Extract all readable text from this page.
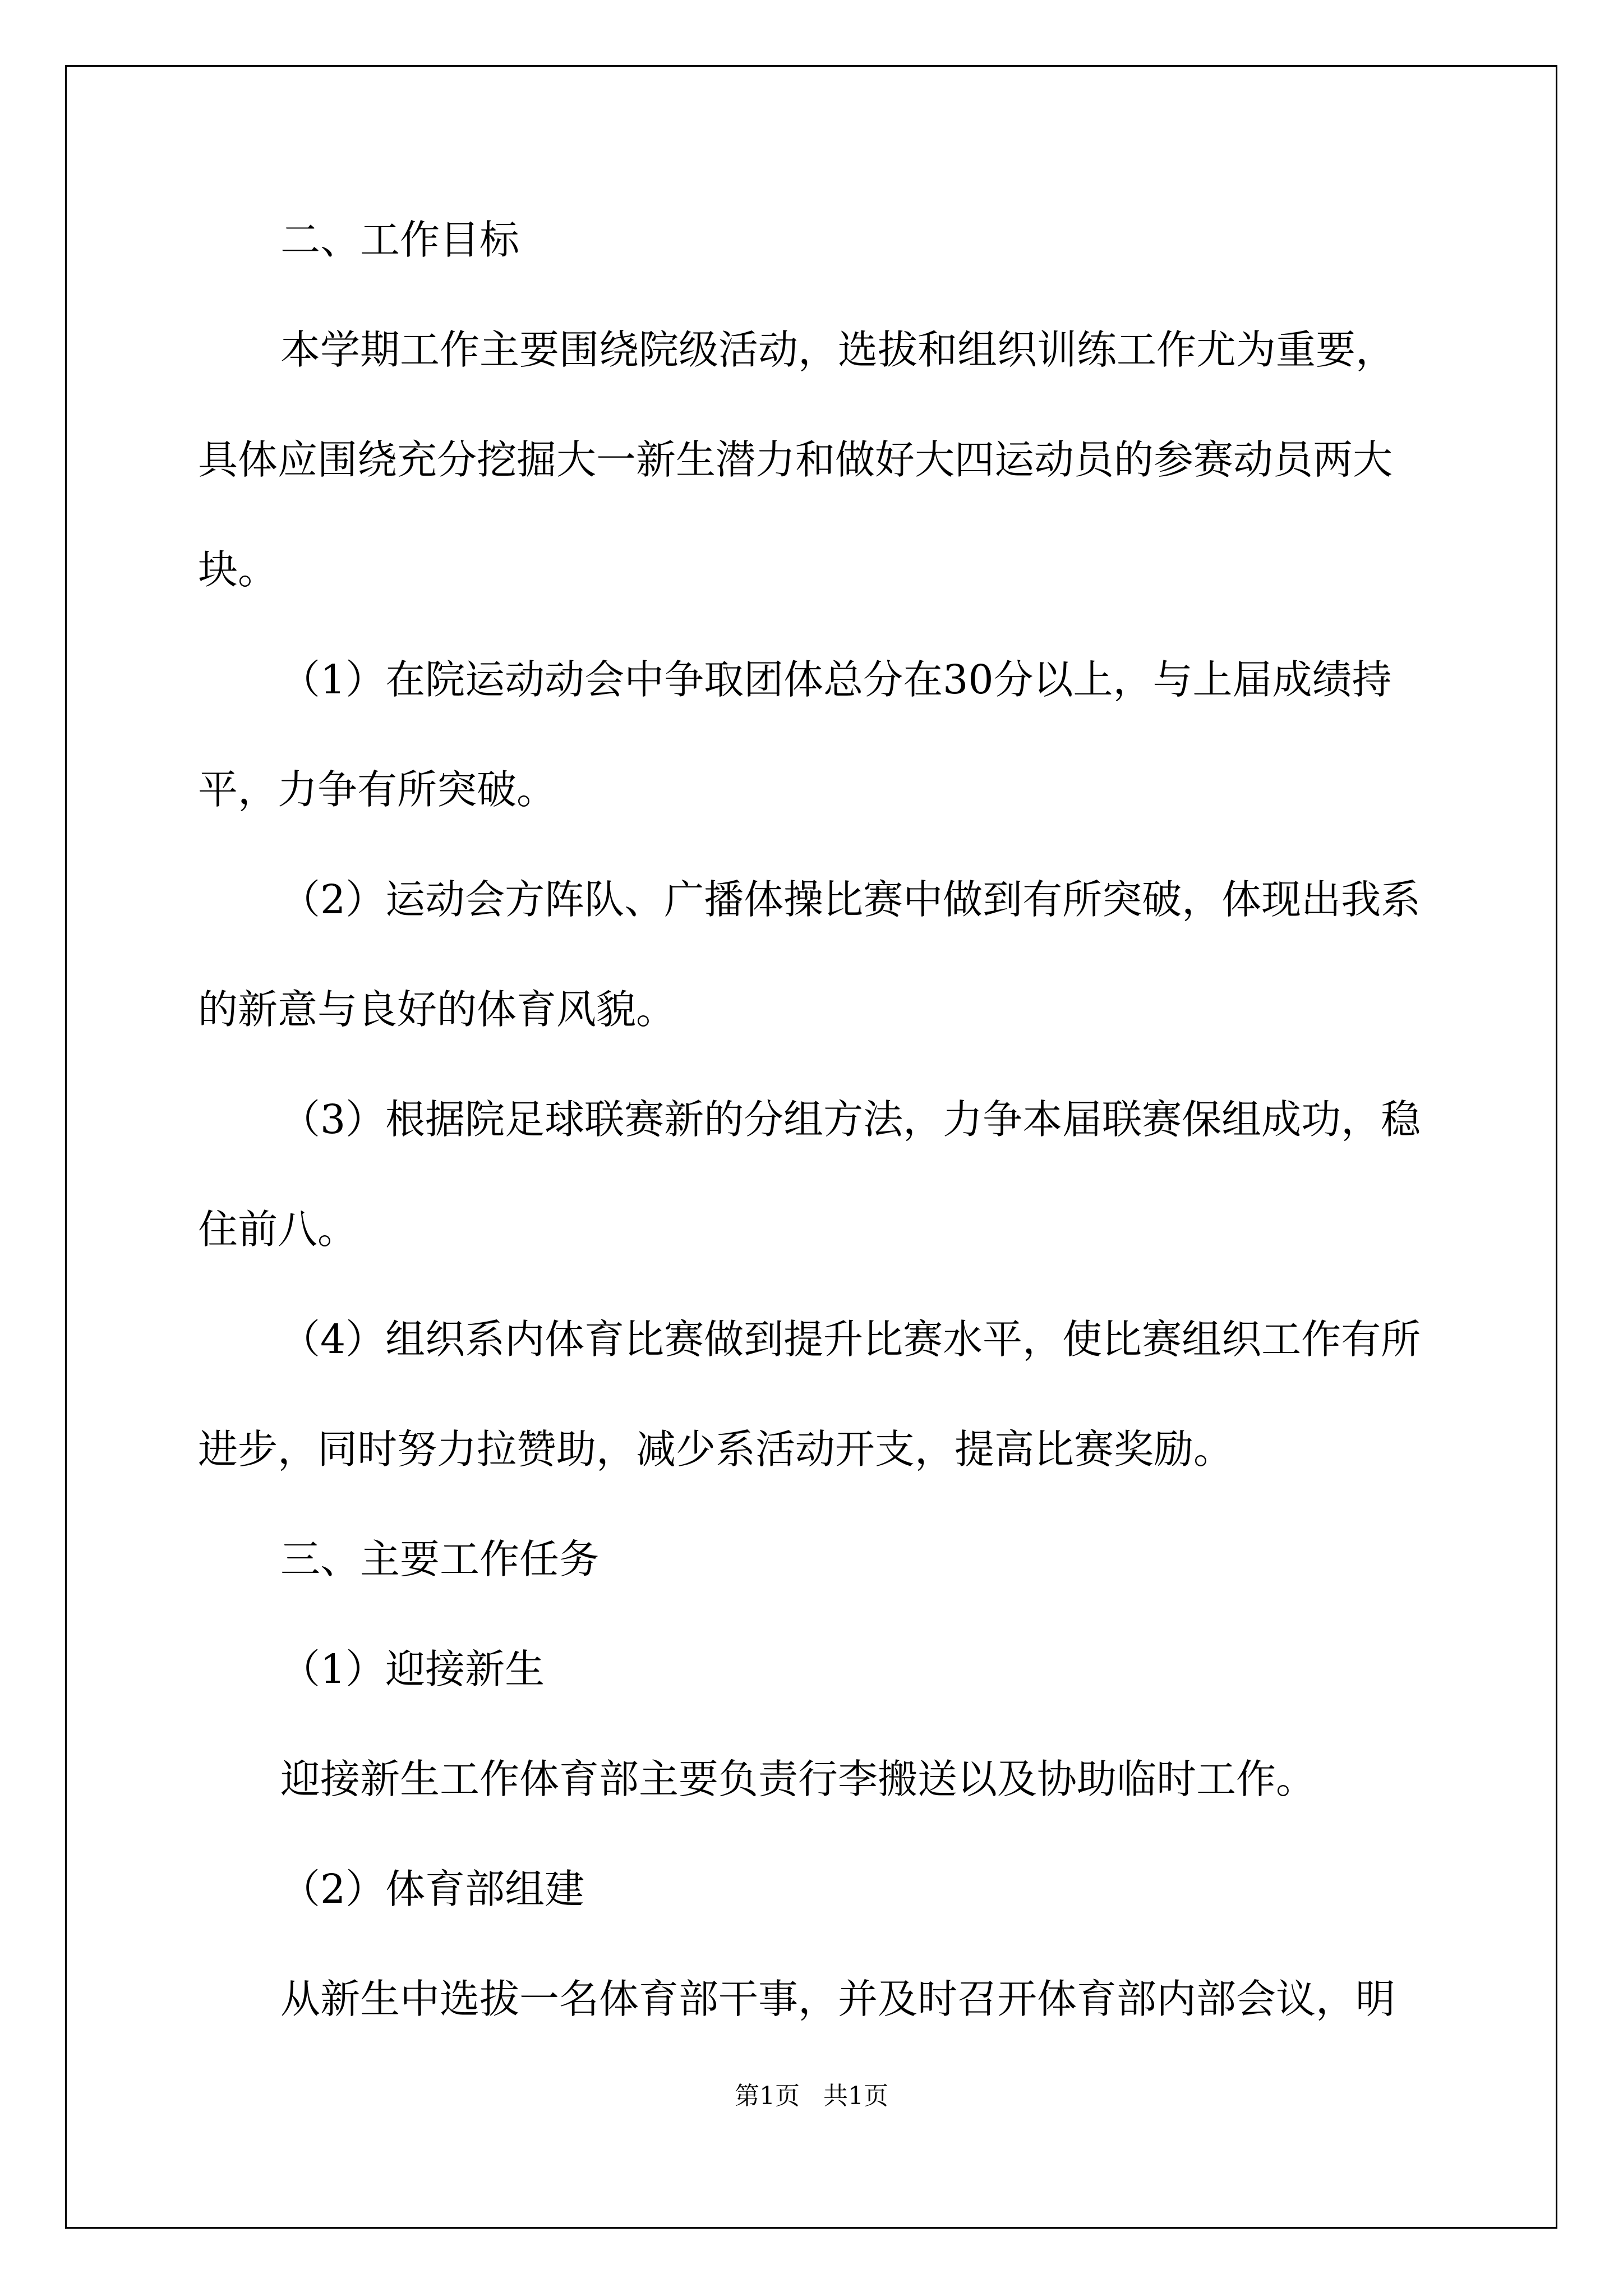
二、工作目标
本学期工作主要围绕院级活动，选拔和组织训练工作尤为重要，
具体应围绕充分挖掘大一新生潜力和做好大四运动员的参赛动员两大
块。
（1）在院运动动会中争取团体总分在30分以上，与上届成绩持
平，力争有所突破。
（2）运动会方阵队、广播体操比赛中做到有所突破，体现出我系
的新意与良好的体育风貌。
（3）根据院足球联赛新的分组方法，力争本届联赛保组成功，稳
住前八。
（4）组织系内体育比赛做到提升比赛水平，使比赛组织工作有所
进步，同时努力拉赞助，减少系活动开支，提高比赛奖励。
三、主要工作任务
（1）迎接新生
迎接新生工作体育部主要负责行李搬送以及协助临时工作。
（2）体育部组建
从新生中选拔一名体育部干事，并及时召开体育部内部会议，明
第1页   共1页
